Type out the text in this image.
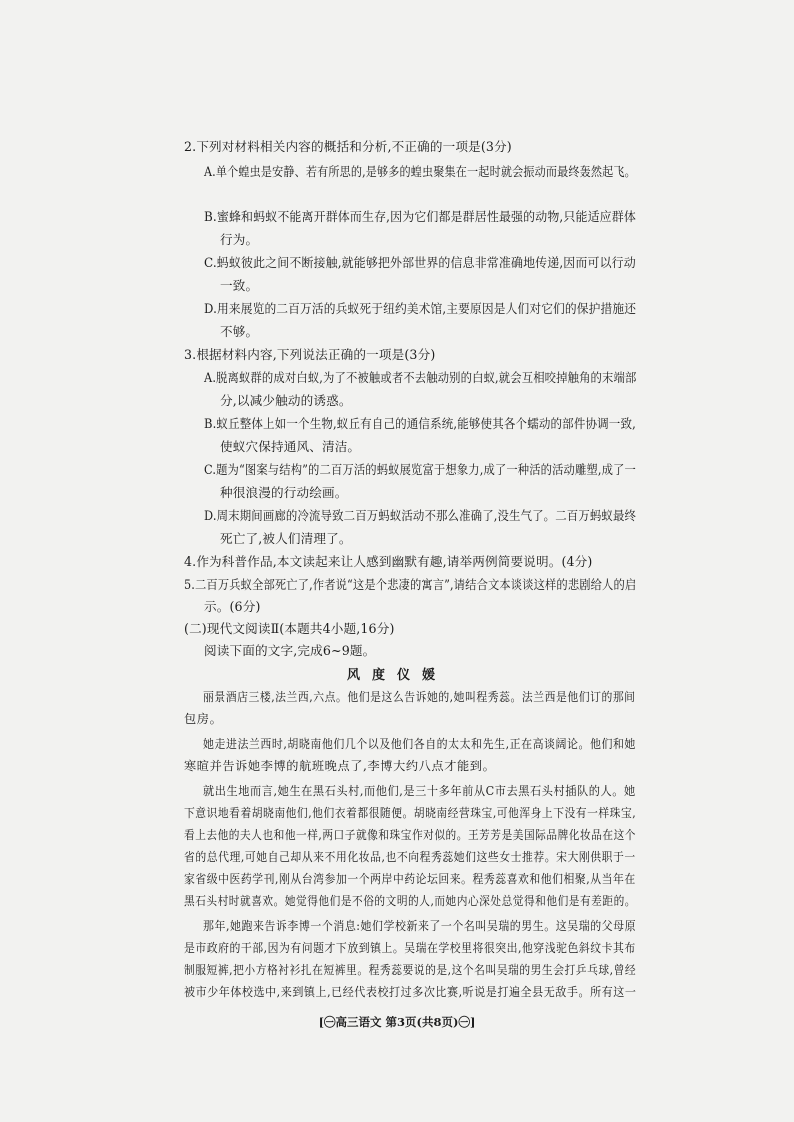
2.下列对材料相关内容的概括和分析,不正确的一项是(3分)
A.单个蝗虫是安静、若有所思的,是够多的蝗虫聚集在一起时就会振动而最终轰然起飞。
B.蜜蜂和蚂蚁不能离开群体而生存,因为它们都是群居性最强的动物,只能适应群体
行为。
C.蚂蚁彼此之间不断接触,就能够把外部世界的信息非常准确地传递,因而可以行动
一致。
D.用来展览的二百万活的兵蚁死于纽约美术馆,主要原因是人们对它们的保护措施还
不够。
3.根据材料内容,下列说法正确的一项是(3分)
A.脱离蚁群的成对白蚁,为了不被触或者不去触动别的白蚁,就会互相咬掉触角的末端部
分,以减少触动的诱惑。
B.蚁丘整体上如一个生物,蚁丘有自己的通信系统,能够使其各个蠕动的部件协调一致,
使蚁穴保持通风、清洁。
C.题为“图案与结构”的二百万活的蚂蚁展览富于想象力,成了一种活的活动雕塑,成了一
种很浪漫的行动绘画。
D.周末期间画廊的冷流导致二百万蚂蚁活动不那么准确了,没生气了。二百万蚂蚁最终
死亡了,被人们清理了。
4.作为科普作品,本文读起来让人感到幽默有趣,请举两例简要说明。(4分)
5.二百万兵蚁全部死亡了,作者说“这是个悲凄的寓言”,请结合文本谈谈这样的悲剧给人的启
示。(6分)
(二)现代文阅读Ⅱ(本题共4小题,16分)
阅读下面的文字,完成6~9题。
风度仪媛
丽景酒店三楼,法兰西,六点。他们是这么告诉她的,她叫程秀蕊。法兰西是他们订的那间
包房。
她走进法兰西时,胡晓南他们几个以及他们各自的太太和先生,正在高谈阔论。他们和她
寒暄并告诉她李博的航班晚点了,李博大约八点才能到。
就出生地而言,她生在黑石头村,而他们,是三十多年前从C市去黑石头村插队的人。她
下意识地看着胡晓南他们,他们衣着都很随便。胡晓南经营珠宝,可他浑身上下没有一样珠宝,
看上去他的夫人也和他一样,两口子就像和珠宝作对似的。王芳芳是美国际品牌化妆品在这个
省的总代理,可她自己却从来不用化妆品,也不向程秀蕊她们这些女士推荐。宋大刚供职于一
家省级中医药学刊,刚从台湾参加一个两岸中药论坛回来。程秀蕊喜欢和他们相聚,从当年在
黑石头村时就喜欢。她觉得他们是不俗的文明的人,而她内心深处总觉得和他们是有差距的。
那年,她跑来告诉李博一个消息:她们学校新来了一个名叫吴瑞的男生。这吴瑞的父母原
是市政府的干部,因为有问题才下放到镇上。吴瑞在学校里将很突出,他穿浅驼色斜纹卡其布
制服短裤,把小方格衬衫扎在短裤里。程秀蕊要说的是,这个名叫吴瑞的男生会打乒乓球,曾经
被市少年体校选中,来到镇上,已经代表校打过多次比赛,听说是打遍全县无敌手。所有这一
[㊀高三语文 第3页(共8页)㊀]
